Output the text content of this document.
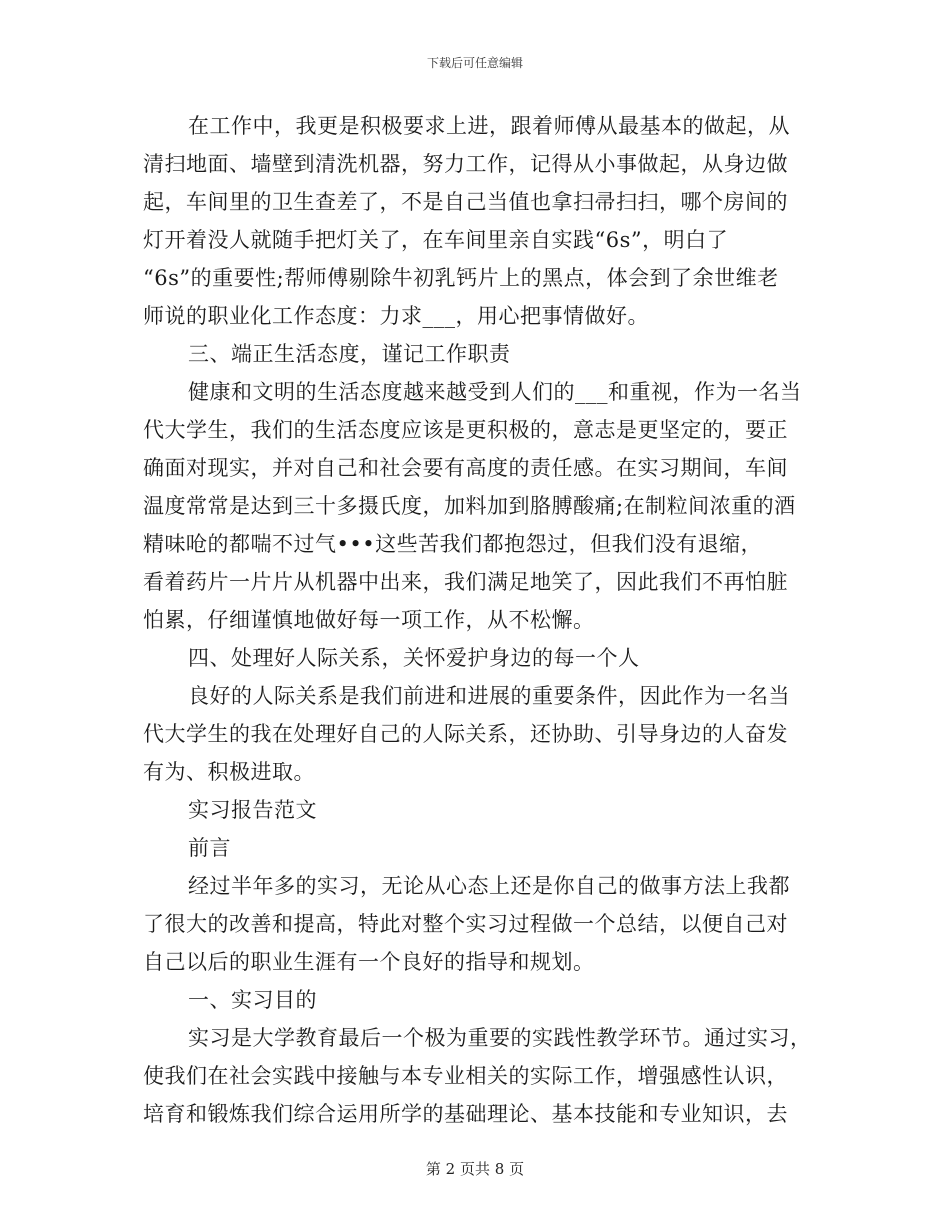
下载后可任意编辑
在工作中，我更是积极要求上进，跟着师傅从最基本的做起，从
清扫地面、墙壁到清洗机器，努力工作，记得从小事做起，从身边做
起，车间里的卫生查差了，不是自己当值也拿扫帚扫扫，哪个房间的
灯开着没人就随手把灯关了，在车间里亲自实践“6s”，明白了
“6s”的重要性;帮师傅剔除牛初乳钙片上的黑点，体会到了余世维老
师说的职业化工作态度：力求___，用心把事情做好。
三、端正生活态度，谨记工作职责
健康和文明的生活态度越来越受到人们的___和重视，作为一名当
代大学生，我们的生活态度应该是更积极的，意志是更坚定的，要正
确面对现实，并对自己和社会要有高度的责任感。在实习期间，车间
温度常常是达到三十多摄氏度，加料加到胳膊酸痛;在制粒间浓重的酒
精味呛的都喘不过气•••这些苦我们都抱怨过，但我们没有退缩，
看着药片一片片从机器中出来，我们满足地笑了，因此我们不再怕脏
怕累，仔细谨慎地做好每一项工作，从不松懈。
四、处理好人际关系，关怀爱护身边的每一个人
良好的人际关系是我们前进和进展的重要条件，因此作为一名当
代大学生的我在处理好自己的人际关系，还协助、引导身边的人奋发
有为、积极进取。
实习报告范文
前言
经过半年多的实习，无论从心态上还是你自己的做事方法上我都
了很大的改善和提高，特此对整个实习过程做一个总结，以便自己对
自己以后的职业生涯有一个良好的指导和规划。
一、实习目的
实习是大学教育最后一个极为重要的实践性教学环节。通过实习，
使我们在社会实践中接触与本专业相关的实际工作，增强感性认识，
培育和锻炼我们综合运用所学的基础理论、基本技能和专业知识，去
第 2 页共 8 页
